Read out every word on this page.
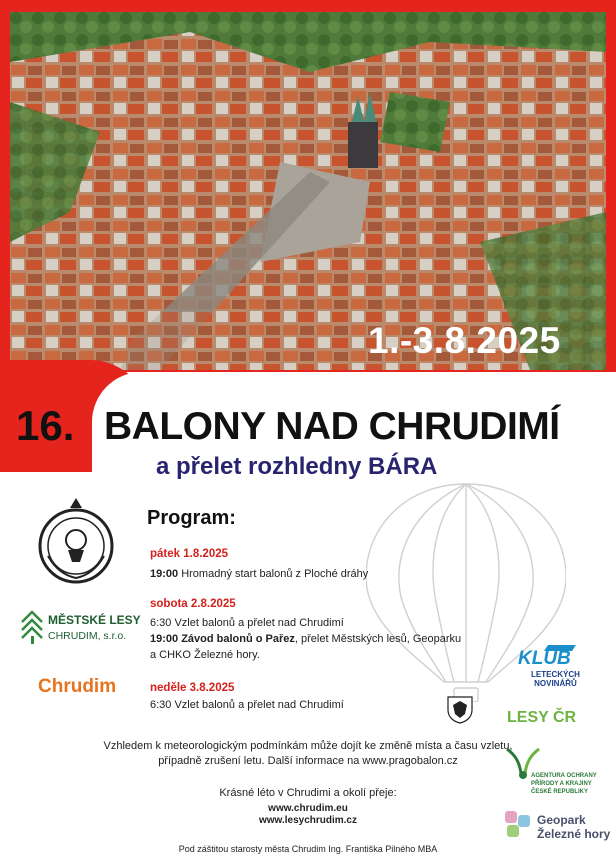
1.-3.8.2025
16. BALONY NAD CHRUDIMÍ
a přelet rozhledny BÁRA
Program:
pátek 1.8.2025
19:00 Hromadný start balonů z Ploché dráhy
sobota 2.8.2025
6:30 Vzlet balonů a přelet nad Chrudimí
19:00 Závod balonů o Pařez, přelet Městských lesů, Geoparku
a CHKO Železné hory.
neděle 3.8.2025
6:30 Vzlet balonů a přelet nad Chrudimí
MĚSTSKÉ LESY
CHRUDIM, s.r.o.
Chrudim
Vzhledem k meteorologickým podmínkám může dojít ke změně místa a času vzletu,
případně zrušení letu. Další informace na www.pragobalon.cz
Krásné léto v Chrudimi a okolí přeje:
www.chrudim.eu
www.lesychrudim.cz
Pod záštitou starosty města Chrudim Ing. Františka Pilného MBA
KLUB
LETECKÝCH
NOVINÁŘŮ
LESY ČR
AGENTURA OCHRANY
PŘÍRODY A KRAJINY
ČESKÉ REPUBLIKY
Geopark
Železné hory
